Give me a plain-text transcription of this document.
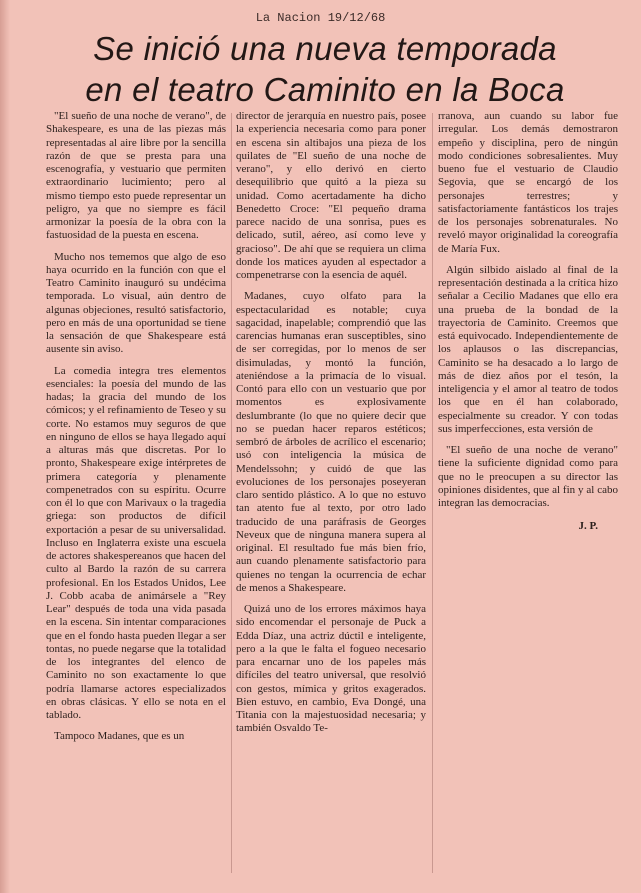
La Nacion 19/12/68
Se inició una nueva temporada
en el teatro Caminito en la Boca

"El sueño de una noche de verano", de Shakespeare, es una de las piezas más representadas al aire libre por la sencilla razón de que se presta para una escenografía, y vestuario que permiten extraordinario lucimiento; pero al mismo tiempo esto puede representar un peligro, ya que no siempre es fácil armonizar la poesía de la obra con la fastuosidad de la puesta en escena.

Mucho nos tememos que algo de eso haya ocurrido en la función con que el Teatro Caminito inauguró su undécima temporada. Lo visual, aún dentro de algunas objeciones, resultó satisfactorio, pero en más de una oportunidad se tiene la sensación de que Shakespeare está ausente sin aviso.

La comedia integra tres elementos esenciales: la poesía del mundo de las hadas; la gracia del mundo de los cómicos; y el refinamiento de Teseo y su corte. No estamos muy seguros de que en ninguno de ellos se haya llegado aquí a alturas más que discretas. Por lo pronto, Shakespeare exige intérpretes de primera categoría y plenamente compenetrados con su espíritu. Ocurre con él lo que con Marivaux o la tragedia griega: son productos de difícil exportación a pesar de su universalidad. Incluso en Inglaterra existe una escuela de actores shakespereanos que hacen del culto al Bardo la razón de su carrera profesional. En los Estados Unidos, Lee J. Cobb acaba de animársele a "Rey Lear" después de toda una vida pasada en la escena. Sin intentar comparaciones que en el fondo hasta pueden llegar a ser tontas, no puede negarse que la totalidad de los integrantes del elenco de Caminito no son exactamente lo que podría llamarse actores especializados en obras clásicas. Y ello se nota en el tablado.

Tampoco Madanes, que es un

director de jerarquía en nuestro país, posee la experiencia necesaria como para poner en escena sin altibajos una pieza de los quilates de "El sueño de una noche de verano", y ello derivó en cierto desequilibrio que quitó a la pieza su unidad. Como acertadamente ha dicho Benedetto Croce: "El pequeño drama parece nacido de una sonrisa, pues es delicado, sutil, aéreo, así como leve y gracioso". De ahí que se requiera un clima donde los matices ayuden al espectador a compenetrarse con la esencia de aquél.

Madanes, cuyo olfato para la espectacularidad es notable; cuya sagacidad, inapelable; comprendió que las carencias humanas eran susceptibles, sino de ser corregidas, por lo menos de ser disimuladas, y montó la función, ateniéndose a la primacía de lo visual. Contó para ello con un vestuario que por momentos es explosivamente deslumbrante (lo que no quiere decir que no se puedan hacer reparos estéticos; sembró de árboles de acrílico el escenario; usó con inteligencia la música de Mendelssohn; y cuidó de que las evoluciones de los personajes poseyeran claro sentido plástico. A lo que no estuvo tan atento fue al texto, por otro lado traducido de una paráfrasis de Georges Neveux que de ninguna manera supera al original. El resultado fue más bien frío, aun cuando plenamente satisfactorio para quienes no tengan la ocurrencia de echar de menos a Shakespeare.

Quizá uno de los errores máximos haya sido encomendar el personaje de Puck a Edda Díaz, una actriz dúctil e inteligente, pero a la que le falta el fogueo necesario para encarnar uno de los papeles más difíciles del teatro universal, que resolvió con gestos, mímica y gritos exagerados. Bien estuvo, en cambio, Eva Dongé, una Titania con la majestuosidad necesaria; y también Osvaldo Te-

rranova, aun cuando su labor fue irregular. Los demás demostraron empeño y disciplina, pero de ningún modo condiciones sobresalientes. Muy bueno fue el vestuario de Claudio Segovia, que se encargó de los personajes terrestres; y satisfactoriamente fantásticos los trajes de los personajes sobrenaturales. No reveló mayor originalidad la coreografía de María Fux.

Algún silbido aislado al final de la representación destinada a la crítica hizo señalar a Cecilio Madanes que ello era una prueba de la bondad de la trayectoria de Caminito. Creemos que está equivocado. Independientemente de los aplausos o las discrepancias, Caminito se ha desacado a lo largo de más de diez años por el tesón, la inteligencia y el amor al teatro de todos los que en él han colaborado, especialmente su creador. Y con todas sus imperfecciones, esta versión de

"El sueño de una noche de verano" tiene la suficiente dignidad como para que no le preocupen a su director las opiniones disidentes, que al fin y al cabo integran las democracias.

J. P.
